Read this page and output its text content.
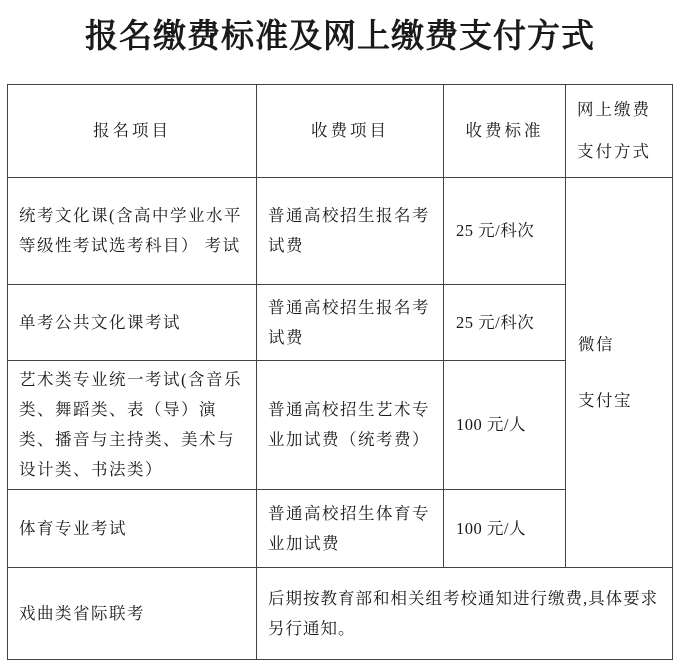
报名缴费标准及网上缴费支付方式
报名项目	收费项目	收费标准	网上缴费
支付方式

统考文化课(含高中学业水平等级性考试选考科目） 考试	普通高校招生报名考试费	25 元/科次	微信
支付宝

单考公共文化课考试	普通高校招生报名考试费	25 元/科次	
艺术类专业统一考试(含音乐类、舞蹈类、表（导）演类、播音与主持类、美术与设计类、书法类）	普通高校招生艺术专业加试费（统考费）	100 元/人	
体育专业考试	普通高校招生体育专业加试费	100 元/人	
戏曲类省际联考	后期按教育部和相关组考校通知进行缴费,具体要求另行通知。		
